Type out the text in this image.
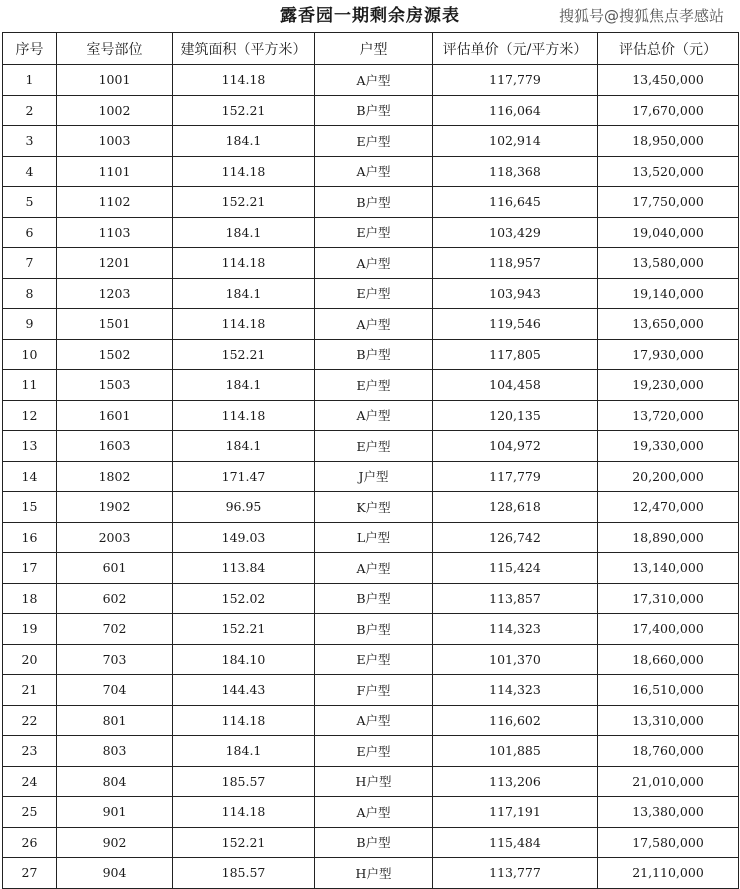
露香园一期剩余房源表	搜狐号@搜狐焦点孝感站
序号	室号部位	建筑面积（平方米）	户型	评估单价（元/平方米）	评估总价（元）
1	1001	114.18	A户型	117,779	13,450,000
2	1002	152.21	B户型	116,064	17,670,000
3	1003	184.1	E户型	102,914	18,950,000
4	1101	114.18	A户型	118,368	13,520,000
5	1102	152.21	B户型	116,645	17,750,000
6	1103	184.1	E户型	103,429	19,040,000
7	1201	114.18	A户型	118,957	13,580,000
8	1203	184.1	E户型	103,943	19,140,000
9	1501	114.18	A户型	119,546	13,650,000
10	1502	152.21	B户型	117,805	17,930,000
11	1503	184.1	E户型	104,458	19,230,000
12	1601	114.18	A户型	120,135	13,720,000
13	1603	184.1	E户型	104,972	19,330,000
14	1802	171.47	J户型	117,779	20,200,000
15	1902	96.95	K户型	128,618	12,470,000
16	2003	149.03	L户型	126,742	18,890,000
17	601	113.84	A户型	115,424	13,140,000
18	602	152.02	B户型	113,857	17,310,000
19	702	152.21	B户型	114,323	17,400,000
20	703	184.10	E户型	101,370	18,660,000
21	704	144.43	F户型	114,323	16,510,000
22	801	114.18	A户型	116,602	13,310,000
23	803	184.1	E户型	101,885	18,760,000
24	804	185.57	H户型	113,206	21,010,000
25	901	114.18	A户型	117,191	13,380,000
26	902	152.21	B户型	115,484	17,580,000
27	904	185.57	H户型	113,777	21,110,000
